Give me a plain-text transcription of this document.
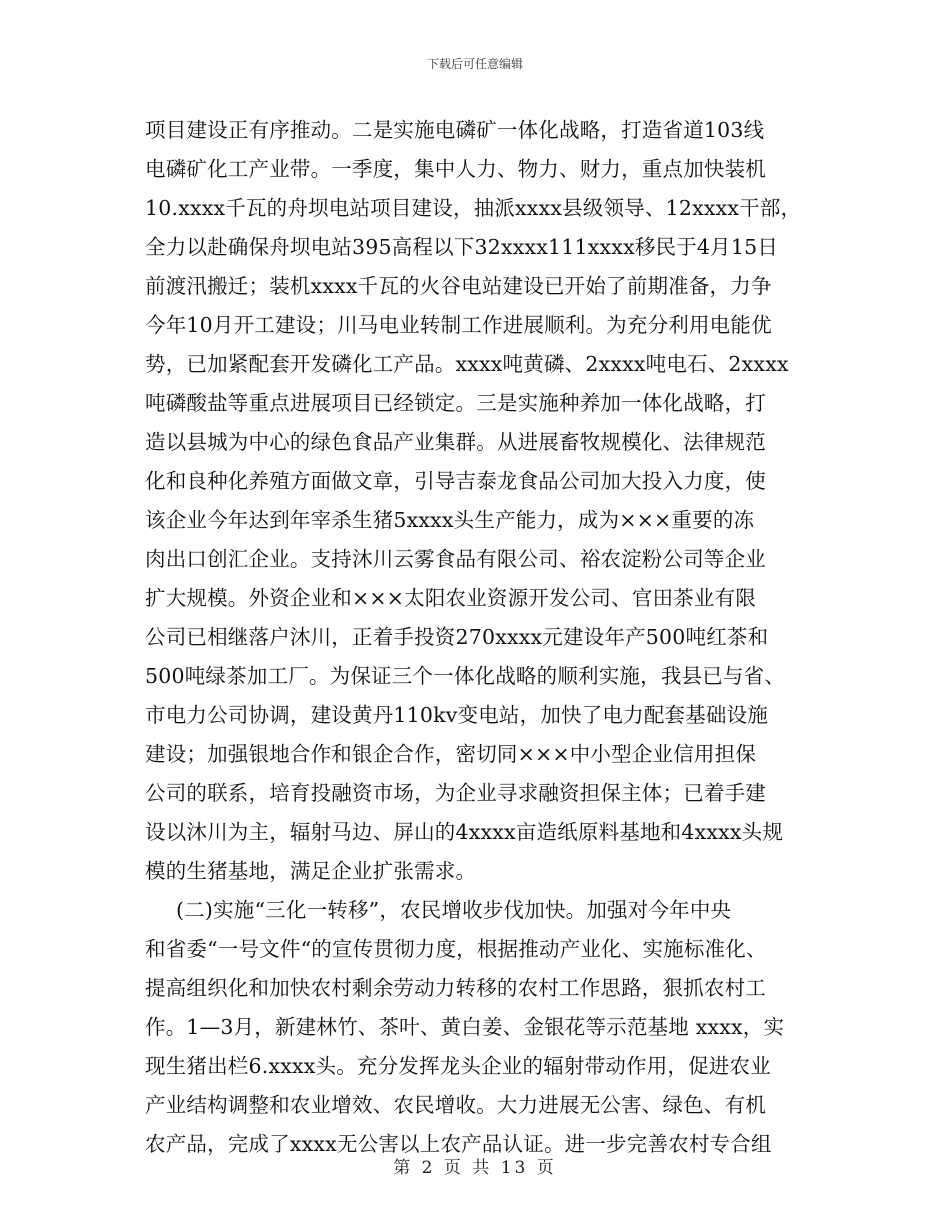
下载后可任意编辑
项目建设正有序推动。二是实施电磷矿一体化战略，打造省道103线
电磷矿化工产业带。一季度，集中人力、物力、财力，重点加快装机
10.xxxx千瓦的舟坝电站项目建设，抽派xxxx县级领导、12xxxx干部，
全力以赴确保舟坝电站395高程以下32xxxx111xxxx移民于4月15日
前渡汛搬迁；装机xxxx千瓦的火谷电站建设已开始了前期准备，力争
今年10月开工建设；川马电业转制工作进展顺利。为充分利用电能优
势，已加紧配套开发磷化工产品。xxxx吨黄磷、2xxxx吨电石、2xxxx
吨磷酸盐等重点进展项目已经锁定。三是实施种养加一体化战略，打
造以县城为中心的绿色食品产业集群。从进展畜牧规模化、法律规范
化和良种化养殖方面做文章，引导吉泰龙食品公司加大投入力度，使
该企业今年达到年宰杀生猪5xxxx头生产能力，成为×××重要的冻
肉出口创汇企业。支持沐川云雾食品有限公司、裕农淀粉公司等企业
扩大规模。外资企业和×××太阳农业资源开发公司、官田茶业有限
公司已相继落户沐川，正着手投资270xxxx元建设年产500吨红茶和
500吨绿茶加工厂。为保证三个一体化战略的顺利实施，我县已与省、
市电力公司协调，建设黄丹110kv变电站，加快了电力配套基础设施
建设；加强银地合作和银企合作，密切同×××中小型企业信用担保
公司的联系，培育投融资市场，为企业寻求融资担保主体；已着手建
设以沐川为主，辐射马边、屏山的4xxxx亩造纸原料基地和4xxxx头规
模的生猪基地，满足企业扩张需求。
(二)实施“三化一转移”，农民增收步伐加快。加强对今年中央
和省委“一号文件“的宣传贯彻力度，根据推动产业化、实施标准化、
提高组织化和加快农村剩余劳动力转移的农村工作思路，狠抓农村工
作。1—3月，新建林竹、茶叶、黄白姜、金银花等示范基地 xxxx，实
现生猪出栏6.xxxx头。充分发挥龙头企业的辐射带动作用，促进农业
产业结构调整和农业增效、农民增收。大力进展无公害、绿色、有机
农产品，完成了xxxx无公害以上农产品认证。进一步完善农村专合组
第 2 页 共 13 页
